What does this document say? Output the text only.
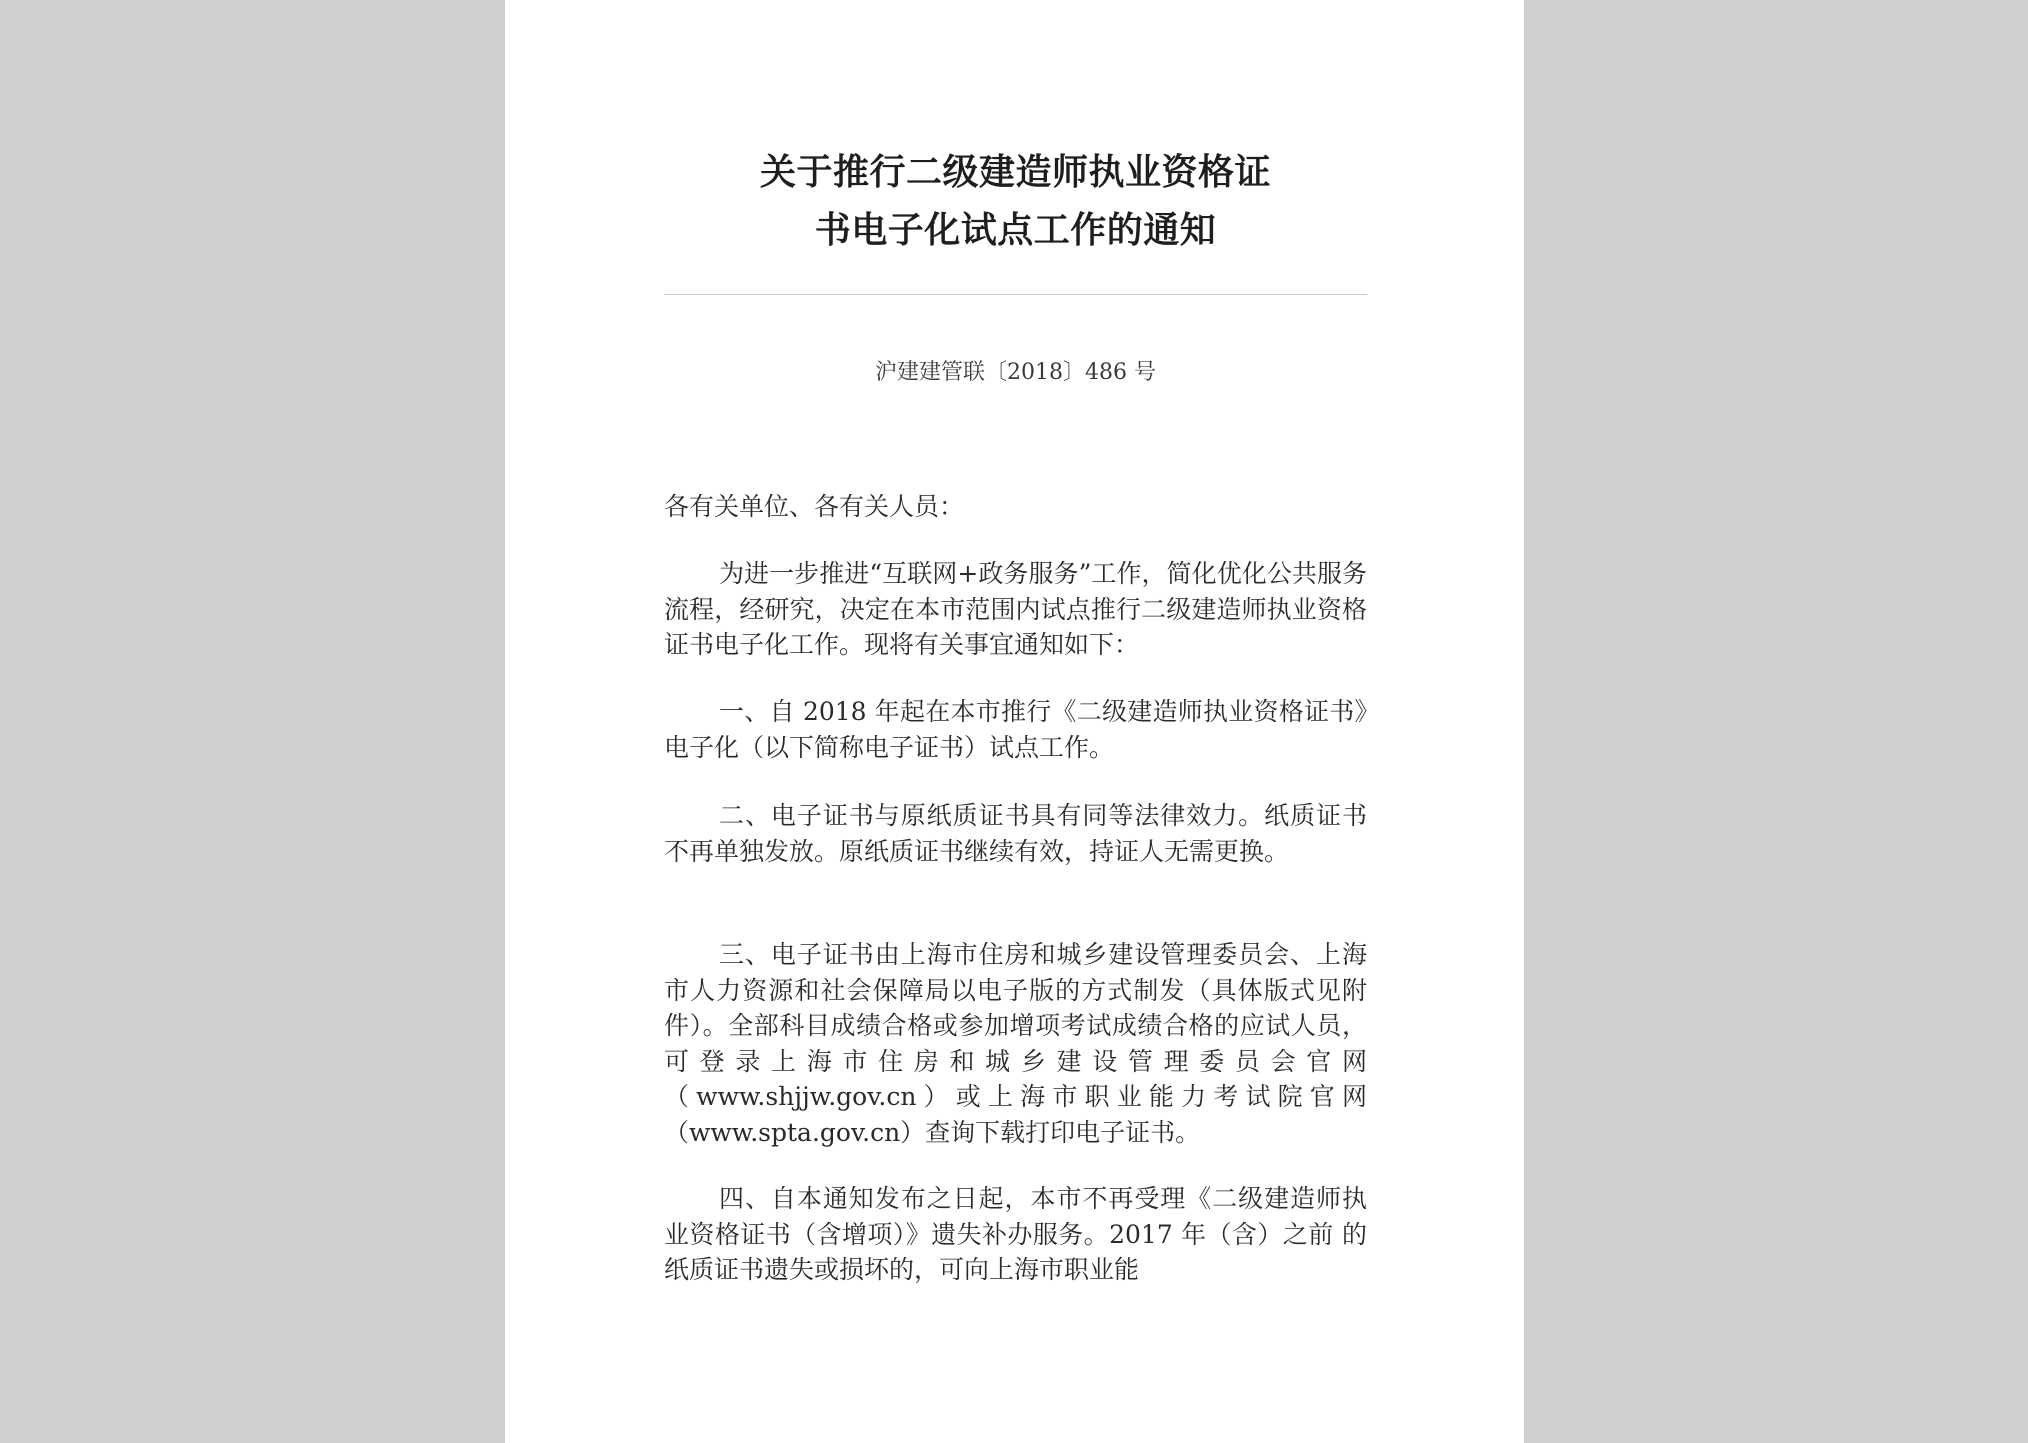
关于推行二级建造师执业资格证
书电子化试点工作的通知
沪建建管联〔2018〕486 号

各有关单位、各有关人员：

为进一步推进“互联网+政务服务”工作，简化优化公共服务流程，经研究，决定在本市范围内试点推行二级建造师执业资格证书电子化工作。现将有关事宜通知如下：

一、自 2018 年起在本市推行《二级建造师执业资格证书》电子化（以下简称电子证书）试点工作。

二、电子证书与原纸质证书具有同等法律效力。纸质证书不再单独发放。原纸质证书继续有效，持证人无需更换。

三、电子证书由上海市住房和城乡建设管理委员会、上海市人力资源和社会保障局以电子版的方式制发（具体版式见附件）。全部科目成绩合格或参加增项考试成绩合格的应试人员，可登录上海市住房和城乡建设管理委员会官网（www.shjjw.gov.cn）或上海市职业能力考试院官网（www.spta.gov.cn）查询下载打印电子证书。

四、自本通知发布之日起，本市不再受理《二级建造师执业资格证书（含增项）》遗失补办服务。2017 年（含）之前 的纸质证书遗失或损坏的，可向上海市职业能
